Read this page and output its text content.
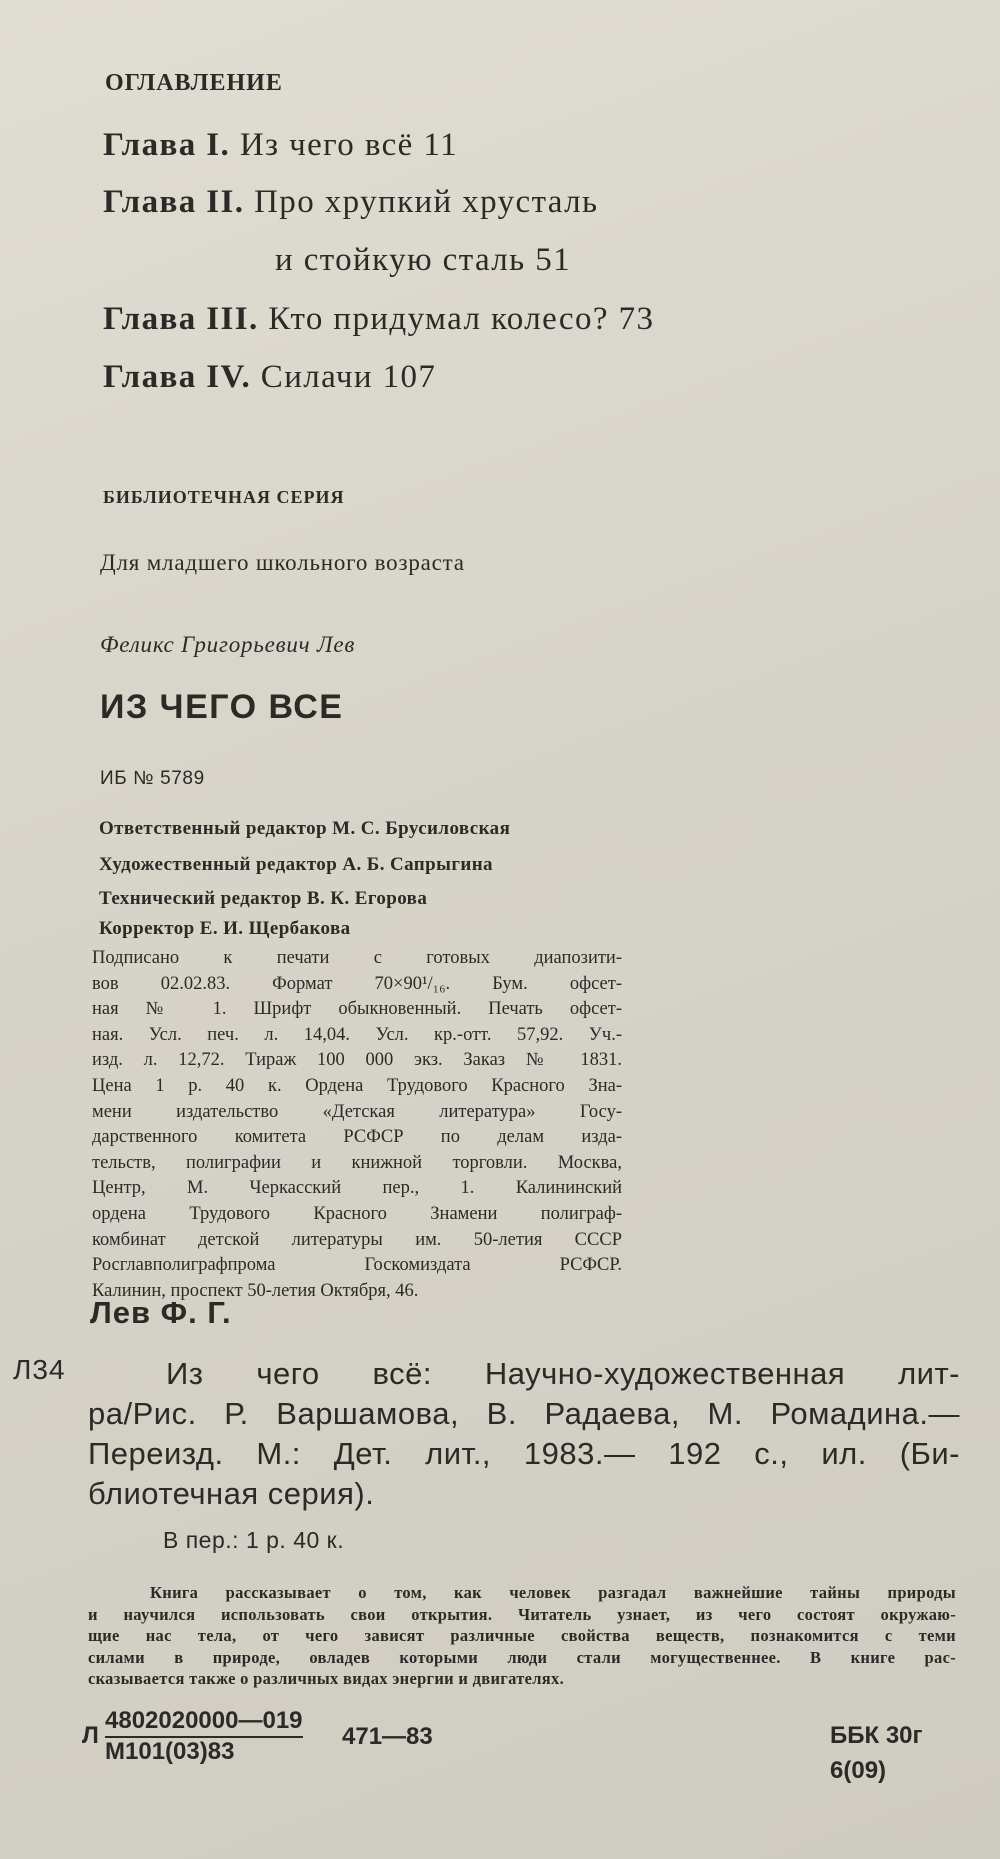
ОГЛАВЛЕНИЕ
Глава I. Из чего всё 11
Глава II. Про хрупкий хрусталь
и стойкую сталь 51
Глава III. Кто придумал колесо? 73
Глава IV. Силачи 107
БИБЛИОТЕЧНАЯ СЕРИЯ
Для младшего школьного возраста
Феликс Григорьевич Лев
ИЗ ЧЕГО ВСЕ
ИБ № 5789
Ответственный редактор М. С. Брусиловская
Художественный редактор А. Б. Сапрыгина
Технический редактор В. К. Егорова
Корректор Е. И. Щербакова
Подписано к печати с готовых диапозити-
вов 02.02.83. Формат 70×90¹/₁₆. Бум. офсет-
ная № 1. Шрифт обыкновенный. Печать офсет-
ная. Усл. печ. л. 14,04. Усл. кр.-отт. 57,92. Уч.-
изд. л. 12,72. Тираж 100 000 экз. Заказ № 1831.
Цена 1 р. 40 к. Ордена Трудового Красного Зна-
мени издательство «Детская литература» Госу-
дарственного комитета РСФСР по делам изда-
тельств, полиграфии и книжной торговли. Москва,
Центр, М. Черкасский пер., 1. Калининский
ордена Трудового Красного Знамени полиграф-
комбинат детской литературы им. 50-летия СССР
Росглавполиграфпрома Госкомиздата РСФСР.
Калинин, проспект 50-летия Октября, 46.
Лев Ф. Г.
Л34	Из чего всё: Научно-художественная лит-
ра/Рис. Р. Варшамова, В. Радаева, М. Ромадина.—
Переизд. М.: Дет. лит., 1983.— 192 с., ил. (Би-
блиотечная серия).
В пер.: 1 р. 40 к.
Книга рассказывает о том, как человек разгадал важнейшие тайны природы
и научился использовать свои открытия. Читатель узнает, из чего состоят окружаю-
щие нас тела, от чего зависят различные свойства веществ, познакомится с теми
силами в природе, овладев которыми люди стали могущественнее. В книге рас-
сказывается также о различных видах энергии и двигателях.
Л
4802020000—019
М101(03)83
471—83	ББК 30г
6(09)
